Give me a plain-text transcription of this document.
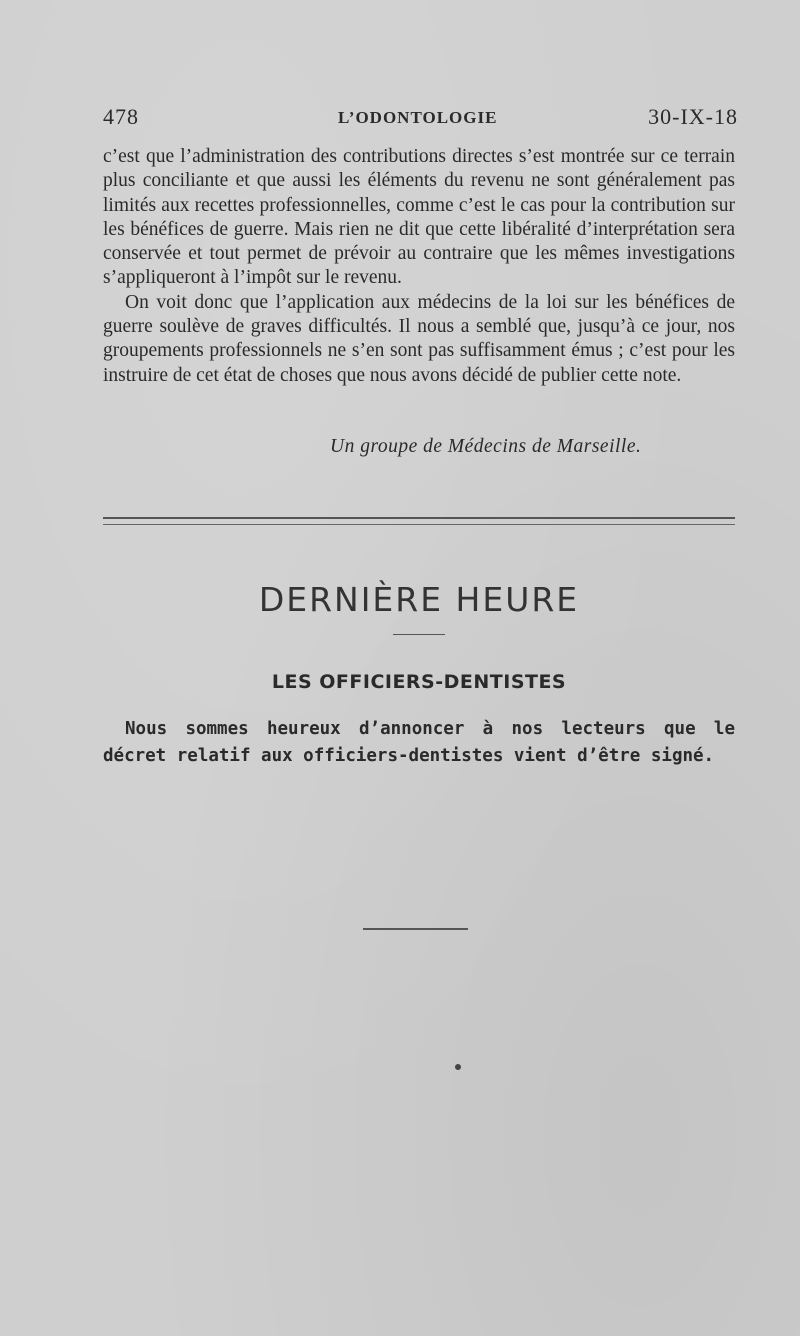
478	L’ODONTOLOGIE	30-IX-18

c’est que l’administration des contributions directes s’est montrée sur ce terrain plus conciliante et que aussi les éléments du revenu ne sont généralement pas limités aux recettes professionnelles, comme c’est le cas pour la contribution sur les bénéfices de guerre. Mais rien ne dit que cette libéralité d’interprétation sera conservée et tout permet de prévoir au contraire que les mêmes investigations s’appliqueront à l’impôt sur le revenu.

On voit donc que l’application aux médecins de la loi sur les bénéfices de guerre soulève de graves difficultés. Il nous a semblé que, jusqu’à ce jour, nos groupements professionnels ne s’en sont pas suffisamment émus ; c’est pour les instruire de cet état de choses que nous avons décidé de publier cette note.

Un groupe de Médecins de Marseille.
DERNIÈRE HEURE
LES OFFICIERS-DENTISTES
Nous sommes heureux d’annoncer à nos lecteurs que le décret relatif aux officiers-dentistes vient d’être signé.
